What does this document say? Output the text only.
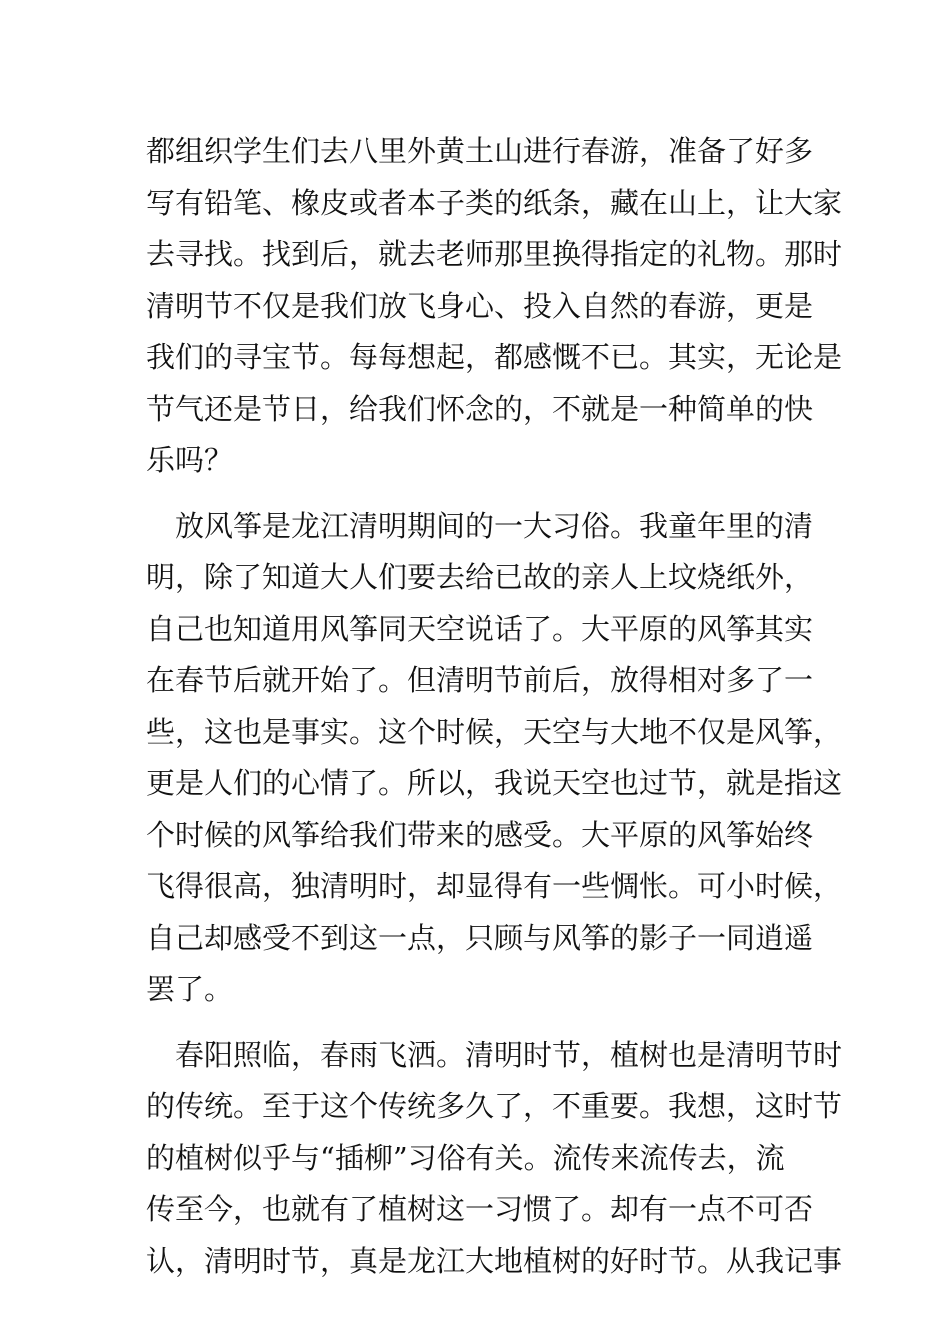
都组织学生们去八里外黄土山进行春游，准备了好多
写有铅笔、橡皮或者本子类的纸条，藏在山上，让大家
去寻找。找到后，就去老师那里换得指定的礼物。那时
清明节不仅是我们放飞身心、投入自然的春游，更是
我们的寻宝节。每每想起，都感慨不已。其实，无论是
节气还是节日，给我们怀念的，不就是一种简单的快
乐吗？
　放风筝是龙江清明期间的一大习俗。我童年里的清
明，除了知道大人们要去给已故的亲人上坟烧纸外，
自己也知道用风筝同天空说话了。大平原的风筝其实
在春节后就开始了。但清明节前后，放得相对多了一
些，这也是事实。这个时候，天空与大地不仅是风筝，
更是人们的心情了。所以，我说天空也过节，就是指这
个时候的风筝给我们带来的感受。大平原的风筝始终
飞得很高，独清明时，却显得有一些惆怅。可小时候，
自己却感受不到这一点，只顾与风筝的影子一同逍遥
罢了。
　春阳照临，春雨飞洒。清明时节，植树也是清明节时
的传统。至于这个传统多久了，不重要。我想，这时节
的植树似乎与“插柳”习俗有关。流传来流传去，流
传至今，也就有了植树这一习惯了。却有一点不可否
认，清明时节，真是龙江大地植树的好时节。从我记事
